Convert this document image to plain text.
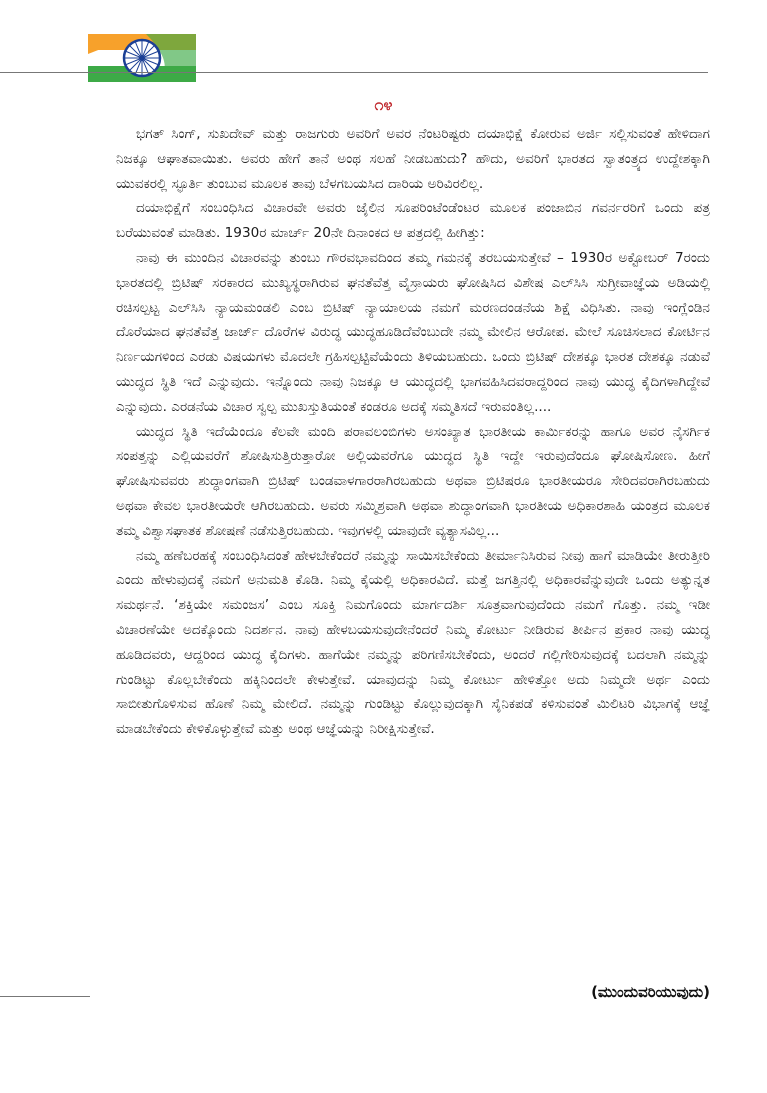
೧೪

ಭಗತ್ ಸಿಂಗ್, ಸುಖದೇವ್ ಮತ್ತು ರಾಜಗುರು ಅವರಿಗೆ ಅವರ ನೆಂಟರಿಷ್ಟರು ದಯಾಭಿಕ್ಷೆ ಕೋರುವ ಅರ್ಜಿ ಸಲ್ಲಿಸುವಂತೆ ಹೇಳಿದಾಗ ನಿಜಕ್ಕೂ ಆಘಾತವಾಯಿತು. ಅವರು ಹೇಗೆ ತಾನೆ ಅಂಥ ಸಲಹೆ ನೀಡಬಹುದು? ಹೌದು, ಅವರಿಗೆ ಭಾರತದ ಸ್ವಾತಂತ್ರ್ಯದ ಉದ್ದೇಶಕ್ಕಾಗಿ ಯುವಕರಲ್ಲಿ ಸ್ಫೂರ್ತಿ ತುಂಬುವ ಮೂಲಕ ತಾವು ಬೆಳಗಬಯಸಿದ ದಾರಿಯ ಅರಿವಿರಲಿಲ್ಲ.

ದಯಾಭಿಕ್ಷೆಗೆ ಸಂಬಂಧಿಸಿದ ವಿಚಾರವೇ ಅವರು ಜೈಲಿನ ಸೂಪರಿಂಟೆಂಡೆಂಟರ ಮೂಲಕ ಪಂಜಾಬಿನ ಗವರ್ನರರಿಗೆ ಒಂದು ಪತ್ರ ಬರೆಯುವಂತೆ ಮಾಡಿತು. 1930ರ ಮಾರ್ಚ್ 20ನೇ ದಿನಾಂಕದ ಆ ಪತ್ರದಲ್ಲಿ ಹೀಗಿತ್ತು:

ನಾವು ಈ ಮುಂದಿನ ವಿಚಾರವನ್ನು ತುಂಬು ಗೌರವಭಾವದಿಂದ ತಮ್ಮ ಗಮನಕ್ಕೆ ತರಬಯಸುತ್ತೇವೆ – 1930ರ ಅಕ್ಟೋಬರ್ 7ರಂದು ಭಾರತದಲ್ಲಿ ಬ್ರಿಟಿಷ್ ಸರಕಾರದ ಮುಖ್ಯಸ್ಥರಾಗಿರುವ ಘನತೆವೆತ್ತ ವೈಸ್ರಾಯರು ಘೋಷಿಸಿದ ವಿಶೇಷ ಎಲ್‌ಸಿಸಿ ಸುಗ್ರೀವಾಜ್ಞೆಯ ಅಡಿಯಲ್ಲಿ ರಚಿಸಲ್ಪಟ್ಟ ಎಲ್‌ಸಿಸಿ ನ್ಯಾಯಮಂಡಲಿ ಎಂಬ ಬ್ರಿಟಿಷ್ ನ್ಯಾಯಾಲಯ ನಮಗೆ ಮರಣದಂಡನೆಯ ಶಿಕ್ಷೆ ವಿಧಿಸಿತು. ನಾವು ಇಂಗ್ಲೆಂಡಿನ ದೊರೆಯಾದ ಘನತೆವೆತ್ತ ಜಾರ್ಜ್ ದೊರೆಗಳ ವಿರುದ್ಧ ಯುದ್ಧಹೂಡಿದೆವೆಂಬುದೇ ನಮ್ಮ ಮೇಲಿನ ಆರೋಪ. ಮೇಲೆ ಸೂಚಿಸಲಾದ ಕೋರ್ಟಿನ ನಿರ್ಣಯಗಳಿಂದ ಎರಡು ವಿಷಯಗಳು ಮೊದಲೇ ಗ್ರಹಿಸಲ್ಪಟ್ಟಿವೆಯೆಂದು ತಿಳಿಯಬಹುದು. ಒಂದು ಬ್ರಿಟಿಷ್ ದೇಶಕ್ಕೂ ಭಾರತ ದೇಶಕ್ಕೂ ನಡುವೆ ಯುದ್ಧದ ಸ್ಥಿತಿ ಇದೆ ಎನ್ನುವುದು. ಇನ್ನೊಂದು ನಾವು ನಿಜಕ್ಕೂ ಆ ಯುದ್ಧದಲ್ಲಿ ಭಾಗವಹಿಸಿದವರಾದ್ದರಿಂದ ನಾವು ಯುದ್ಧ ಕೈದಿಗಳಾಗಿದ್ದೇವೆ ಎನ್ನುವುದು. ಎರಡನೆಯ ವಿಚಾರ ಸ್ವಲ್ಪ ಮುಖಸ್ತುತಿಯಂತೆ ಕಂಡರೂ ಅದಕ್ಕೆ ಸಮ್ಮತಿಸದೆ ಇರುವಂತಿಲ್ಲ....

ಯುದ್ಧದ ಸ್ಥಿತಿ ಇದೆಯೆಂದೂ ಕೆಲವೇ ಮಂದಿ ಪರಾವಲಂಬಿಗಳು ಅಸಂಖ್ಯಾತ ಭಾರತೀಯ ಕಾರ್ಮಿಕರನ್ನು ಹಾಗೂ ಅವರ ನೈಸರ್ಗಿಕ ಸಂಪತ್ತನ್ನು ಎಲ್ಲಿಯವರೆಗೆ ಶೋಷಿಸುತ್ತಿರುತ್ತಾರೋ ಅಲ್ಲಿಯವರೆಗೂ ಯುದ್ಧದ ಸ್ಥಿತಿ ಇದ್ದೇ ಇರುವುದೆಂದೂ ಘೋಷಿಸೋಣ. ಹೀಗೆ ಘೋಷಿಸುವವರು ಶುದ್ಧಾಂಗವಾಗಿ ಬ್ರಿಟಿಷ್ ಬಂಡವಾಳಗಾರರಾಗಿರಬಹುದು ಅಥವಾ ಬ್ರಿಟಿಷರೂ ಭಾರತೀಯರೂ ಸೇರಿದವರಾಗಿರಬಹುದು ಅಥವಾ ಕೇವಲ ಭಾರತೀಯರೇ ಆಗಿರಬಹುದು. ಅವರು ಸಮ್ಮಿಶ್ರವಾಗಿ ಅಥವಾ ಶುದ್ಧಾಂಗವಾಗಿ ಭಾರತೀಯ ಅಧಿಕಾರಶಾಹಿ ಯಂತ್ರದ ಮೂಲಕ ತಮ್ಮ ವಿಶ್ವಾಸಘಾತಕ ಶೋಷಣೆ ನಡೆಸುತ್ತಿರಬಹುದು. ಇವುಗಳಲ್ಲಿ ಯಾವುದೇ ವ್ಯತ್ಯಾಸವಿಲ್ಲ...

ನಮ್ಮ ಹಣೆಬರಹಕ್ಕೆ ಸಂಬಂಧಿಸಿದಂತೆ ಹೇಳಬೇಕೆಂದರೆ ನಮ್ಮನ್ನು ಸಾಯಿಸಬೇಕೆಂದು ತೀರ್ಮಾನಿಸಿರುವ ನೀವು ಹಾಗೆ ಮಾಡಿಯೇ ತೀರುತ್ತೀರಿ ಎಂದು ಹೇಳುವುದಕ್ಕೆ ನಮಗೆ ಅನುಮತಿ ಕೊಡಿ. ನಿಮ್ಮ ಕೈಯಲ್ಲಿ ಅಧಿಕಾರವಿದೆ. ಮತ್ತೆ ಜಗತ್ತಿನಲ್ಲಿ ಅಧಿಕಾರವೆನ್ನುವುದೇ ಒಂದು ಅತ್ಯುನ್ನತ ಸಮರ್ಥನೆ. ‘ಶಕ್ತಿಯೇ ಸಮಂಜಸ’ ಎಂಬ ಸೂಕ್ತಿ ನಿಮಗೊಂದು ಮಾರ್ಗದರ್ಶಿ ಸೂತ್ರವಾಗುವುದೆಂದು ನಮಗೆ ಗೊತ್ತು. ನಮ್ಮ ಇಡೀ ವಿಚಾರಣೆಯೇ ಅದಕ್ಕೊಂದು ನಿದರ್ಶನ. ನಾವು ಹೇಳಬಯಸುವುದೇನೆಂದರೆ ನಿಮ್ಮ ಕೋರ್ಟು ನೀಡಿರುವ ತೀರ್ಪಿನ ಪ್ರಕಾರ ನಾವು ಯುದ್ಧ ಹೂಡಿದವರು, ಆದ್ದರಿಂದ ಯುದ್ಧ ಕೈದಿಗಳು. ಹಾಗೆಯೇ ನಮ್ಮನ್ನು ಪರಿಗಣಿಸಬೇಕೆಂದು, ಅಂದರೆ ಗಲ್ಲಿಗೇರಿಸುವುದಕ್ಕೆ ಬದಲಾಗಿ ನಮ್ಮನ್ನು ಗುಂಡಿಟ್ಟು ಕೊಲ್ಲಬೇಕೆಂದು ಹಕ್ಕಿನಿಂದಲೇ ಕೇಳುತ್ತೇವೆ. ಯಾವುದನ್ನು ನಿಮ್ಮ ಕೋರ್ಟು ಹೇಳಿತ್ತೋ ಅದು ನಿಮ್ಮದೇ ಅರ್ಥ ಎಂದು ಸಾಬೀತುಗೊಳಿಸುವ ಹೊಣೆ ನಿಮ್ಮ ಮೇಲಿದೆ. ನಮ್ಮನ್ನು ಗುಂಡಿಟ್ಟು ಕೊಲ್ಲುವುದಕ್ಕಾಗಿ ಸೈನಿಕಪಡೆ ಕಳಿಸುವಂತೆ ಮಿಲಿಟರಿ ವಿಭಾಗಕ್ಕೆ ಆಜ್ಞೆ ಮಾಡಬೇಕೆಂದು ಕೇಳಿಕೊಳ್ಳುತ್ತೇವೆ ಮತ್ತು ಅಂಥ ಆಜ್ಞೆಯನ್ನು ನಿರೀಕ್ಷಿಸುತ್ತೇವೆ.

(ಮುಂದುವರಿಯುವುದು)
